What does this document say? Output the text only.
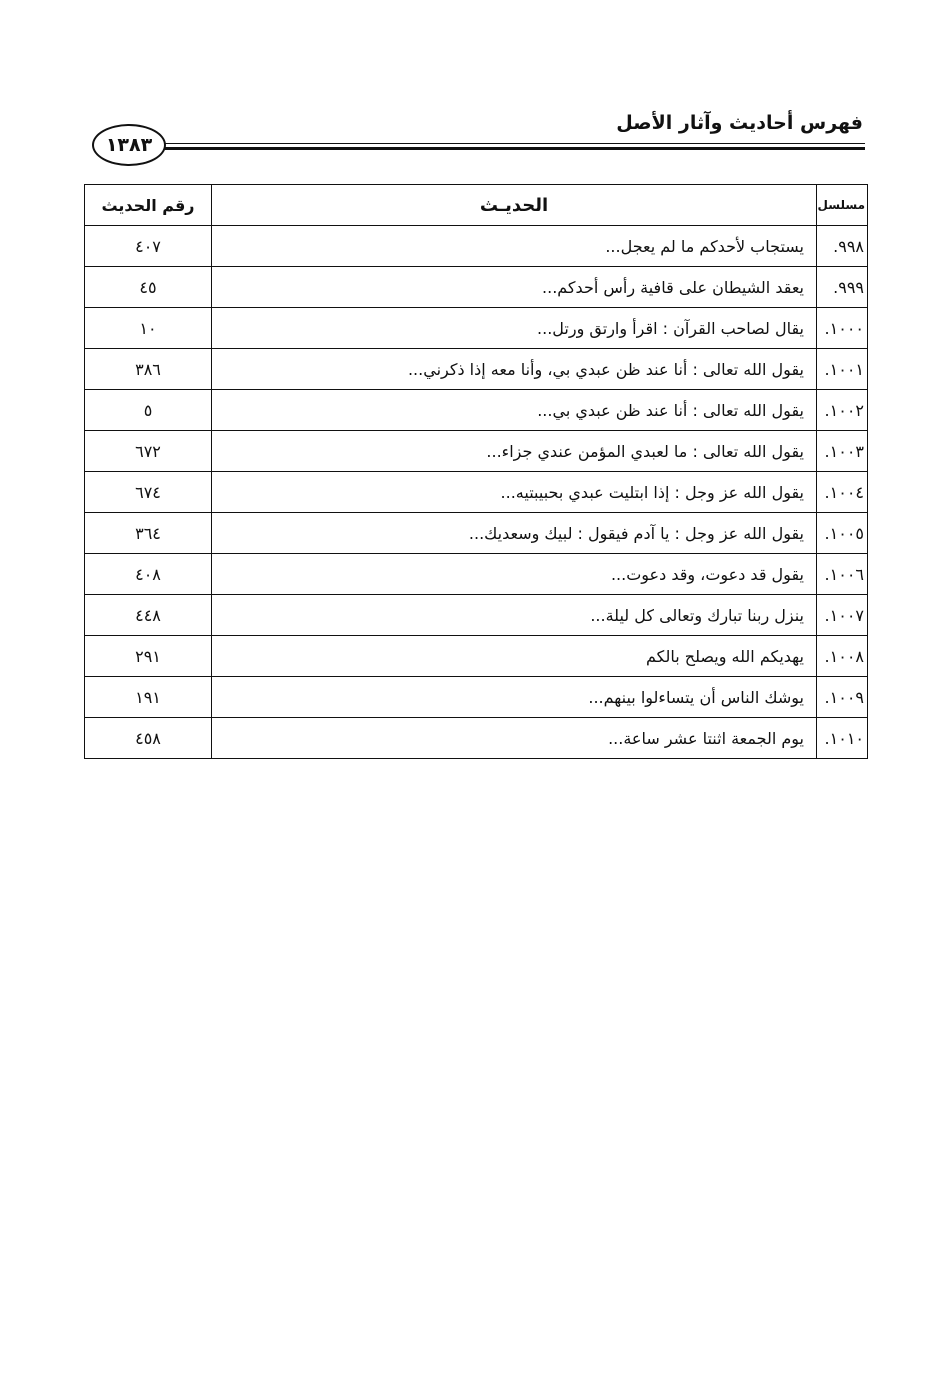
فهرس أحاديث وآثار الأصل
١٣٨٣
مسلسل	الحديـث	رقم الحديث
٩٩٨.	يستجاب لأحدكم ما لم يعجل...	٤٠٧
٩٩٩.	يعقد الشيطان على قافية رأس أحدكم...	٤٥
١٠٠٠.	يقال لصاحب القرآن : اقرأ وارتق ورتل...	١٠
١٠٠١.	يقول الله تعالى : أنا عند ظن عبدي بي، وأنا معه إذا ذكرني...	٣٨٦
١٠٠٢.	يقول الله تعالى : أنا عند ظن عبدي بي...	٥
١٠٠٣.	يقول الله تعالى : ما لعبدي المؤمن عندي جزاء...	٦٧٢
١٠٠٤.	يقول الله عز وجل : إذا ابتليت عبدي بحبيبتيه...	٦٧٤
١٠٠٥.	يقول الله عز وجل : يا آدم فيقول : لبيك وسعديك...	٣٦٤
١٠٠٦.	يقول قد دعوت، وقد دعوت...	٤٠٨
١٠٠٧.	ينزل ربنا تبارك وتعالى كل ليلة...	٤٤٨
١٠٠٨.	يهديكم الله ويصلح بالكم	٢٩١
١٠٠٩.	يوشك الناس أن يتساءلوا بينهم...	١٩١
١٠١٠.	يوم الجمعة اثنتا عشر ساعة...	٤٥٨
